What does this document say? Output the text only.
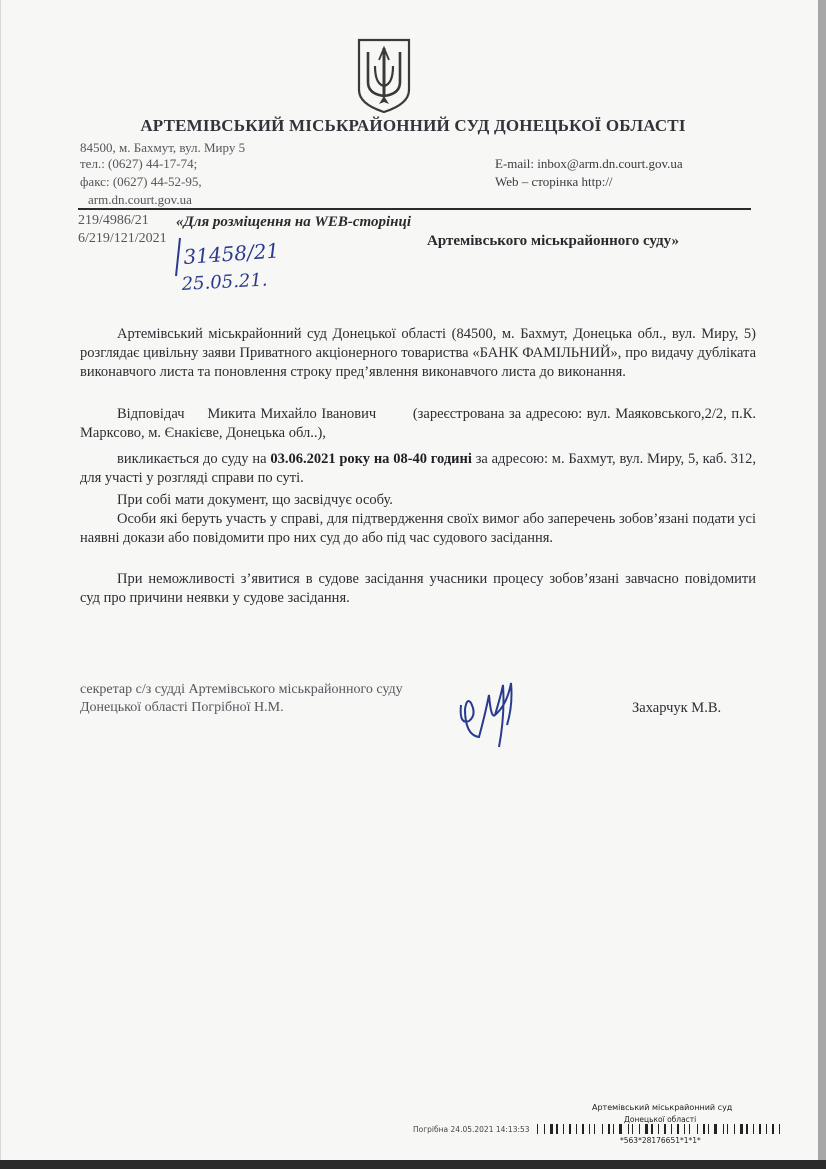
АРТЕМІВСЬКИЙ МІСЬКРАЙОННИЙ СУД ДОНЕЦЬКОЇ ОБЛАСТІ
84500, м. Бахмут, вул. Миру 5
тел.: (0627) 44-17-74;
факс: (0627) 44-52-95,
arm.dn.court.gov.ua
E-mail: inbox@arm.dn.court.gov.ua
Web – сторінка http://
219/4986/21
6/219/121/2021
«Для розміщення на WEB-сторінці
Артемівського міськрайонного суду»
31458/21
25.05.21.
Артемівський міськрайонний суд Донецької області (84500, м. Бахмут, Донецька обл., вул. Миру, 5) розглядає цивільну заяви Приватного акціонерного товариства «БАНК ФАМІЛЬНИЙ», про видачу дубліката виконавчого листа та поновлення строку пред’явлення виконавчого листа до виконання.
Відповідач Микита Михайло Іванович	(зареєстрована за адресою: вул. Маяковського,2/2, п.К. Марксово, м. Єнакієве, Донецька обл..),
викликається до суду на 03.06.2021 року на 08-40 годині за адресою: м. Бахмут, вул. Миру, 5, каб. 312, для участі у розгляді справи по суті.
При собі мати документ, що засвідчує особу.
Особи які беруть участь у справі, для підтвердження своїх вимог або заперечень зобов’язані подати усі наявні докази або повідомити про них суд до або під час судового засідання.
При неможливості з’явитися в судове засідання учасники процесу зобов’язані завчасно повідомити суд про причини неявки у судове засідання.
секретар с/з судді Артемівського міськрайонного суду
Донецької області Погрібної Н.М.	Захарчук М.В.
Артемівський міськрайонний суд
Донецької області
Погрібна 24.05.2021 14:13:53
*563*28176651*1*1*
